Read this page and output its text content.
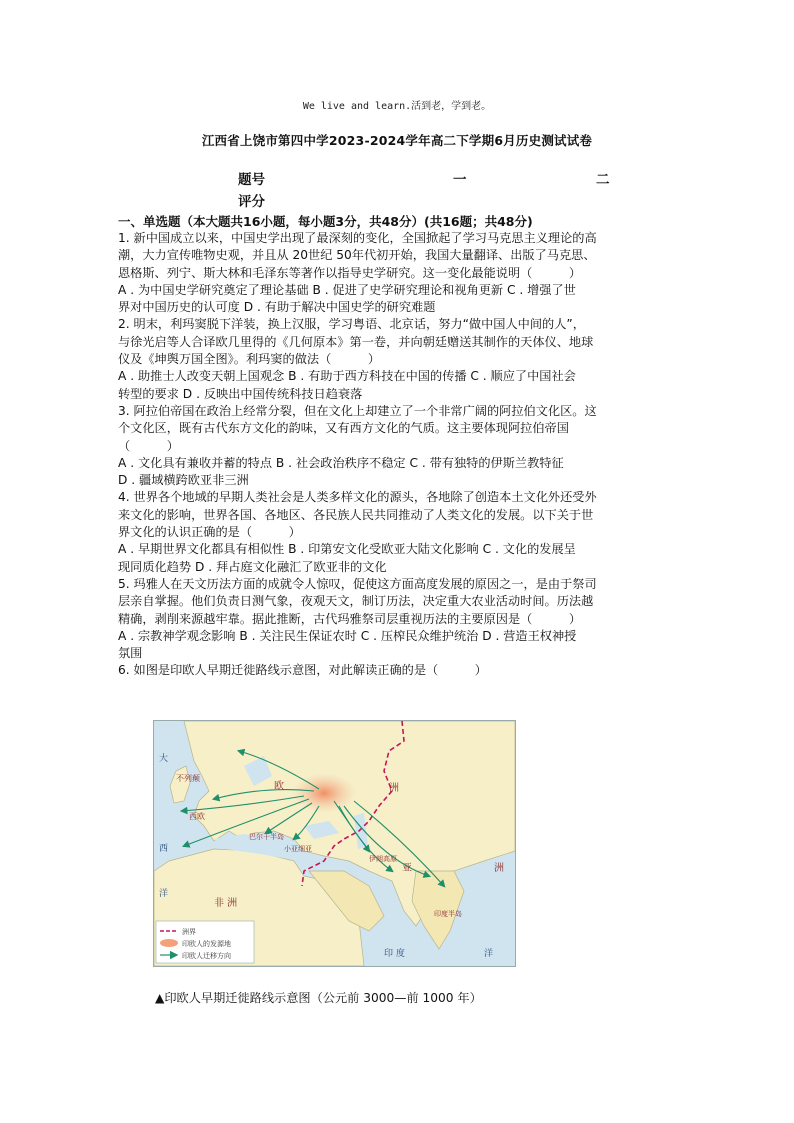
We live and learn.活到老，学到老。
江西省上饶市第四中学2023-2024学年高二下学期6月历史测试试卷
题号	一	二
评分
一、单选题（本大题共16小题，每小题3分，共48分）(共16题；共48分)

1. 新中国成立以来，中国史学出现了最深刻的变化，全国掀起了学习马克思主义理论的高

潮，大力宣传唯物史观，并且从 20世纪 50年代初开始，我国大量翻译、出版了马克思、

恩格斯、列宁、斯大林和毛泽东等著作以指导史学研究。这一变化最能说明（　　　）

A . 为中国史学研究奠定了理论基础 B . 促进了史学研究理论和视角更新 C . 增强了世

界对中国历史的认可度 D . 有助于解决中国史学的研究难题

2. 明末，利玛窦脱下洋装，换上汉服，学习粤语、北京话，努力“做中国人中间的人”，

与徐光启等人合译欧几里得的《几何原本》第一卷，并向朝廷赠送其制作的天体仪、地球

仪及《坤舆万国全图》。利玛窦的做法（　　　）

A . 助推士人改变天朝上国观念 B . 有助于西方科技在中国的传播 C . 顺应了中国社会

转型的要求 D . 反映出中国传统科技日趋衰落

3. 阿拉伯帝国在政治上经常分裂，但在文化上却建立了一个非常广阔的阿拉伯文化区。这

个文化区，既有古代东方文化的韵味，又有西方文化的气质。这主要体现阿拉伯帝国

（　　　）

A . 文化具有兼收并蓄的特点 B . 社会政治秩序不稳定 C . 带有独特的伊斯兰教特征

D . 疆域横跨欧亚非三洲

4. 世界各个地域的早期人类社会是人类多样文化的源头，各地除了创造本土文化外还受外

来文化的影响，世界各国、各地区、各民族人民共同推动了人类文化的发展。以下关于世

界文化的认识正确的是（　　　）

A . 早期世界文化都具有相似性 B . 印第安文化受欧亚大陆文化影响 C . 文化的发展呈

现同质化趋势 D . 拜占庭文化融汇了欧亚非的文化

5. 玛雅人在天文历法方面的成就令人惊叹，促使这方面高度发展的原因之一，是由于祭司

层亲自掌握。他们负责日测气象，夜观天文，制订历法，决定重大农业活动时间。历法越

精确，剥削来源越牢靠。据此推断，古代玛雅祭司层重视历法的主要原因是（　　　）

A . 宗教神学观念影响 B . 关注民生保证农时 C . 压榨民众维护统治 D . 营造王权神授

氛围

6. 如图是印欧人早期迁徙路线示意图，对此解读正确的是（　　　）

大
西
洋
印 度	洋
不列颠
西欧
欧	洲
巴尔干半岛
小亚细亚
伊朗高原
亚	洲
非 洲
印度半岛
洲界
印欧人的发源地
印欧人迁移方向
▲印欧人早期迁徙路线示意图（公元前 3000—前 1000 年）
